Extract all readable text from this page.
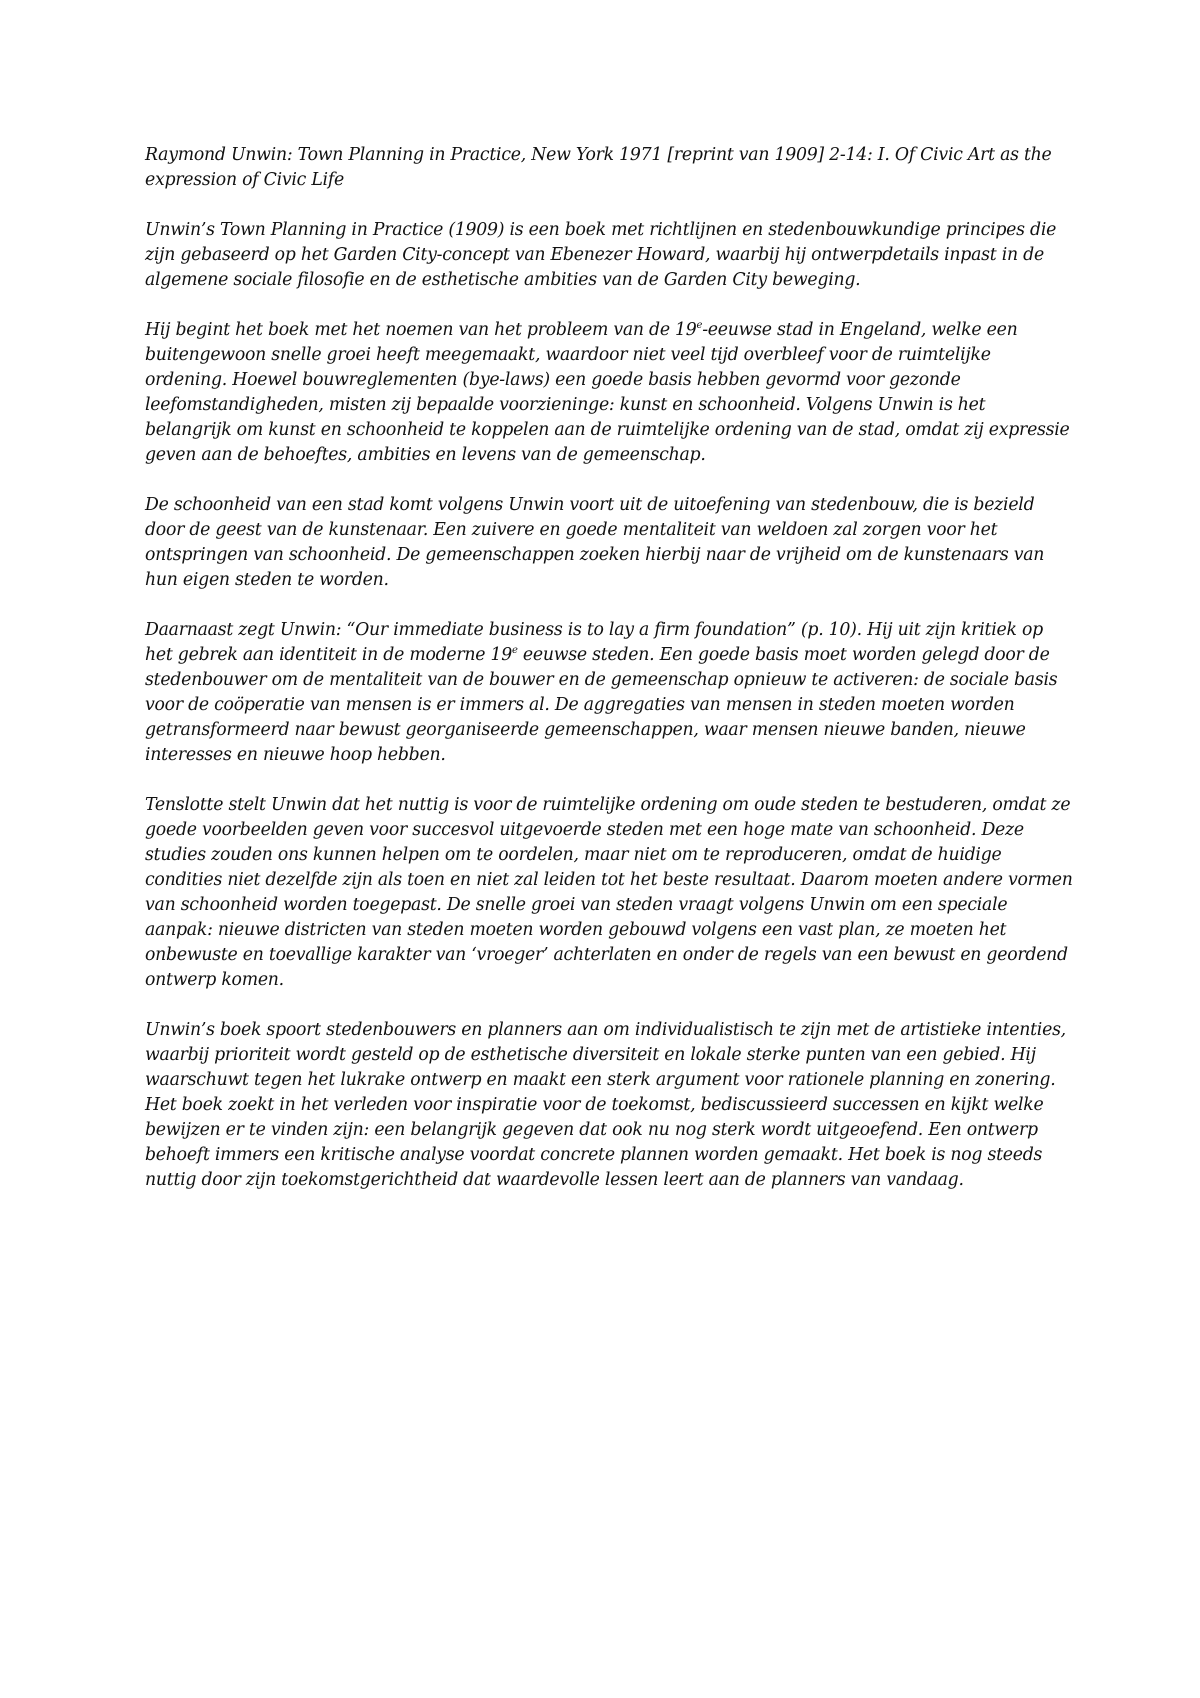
Raymond Unwin: Town Planning in Practice, New York 1971 [reprint van 1909] 2-14: I. Of Civic Art as the expression of Civic Life

Unwin’s Town Planning in Practice (1909) is een boek met richtlijnen en stedenbouwkundige principes die zijn gebaseerd op het Garden City-concept van Ebenezer Howard, waarbij hij ontwerpdetails inpast in de algemene sociale filosofie en de esthetische ambities van de Garden City beweging.

Hij begint het boek met het noemen van het probleem van de 19e-eeuwse stad in Engeland, welke een buitengewoon snelle groei heeft meegemaakt, waardoor niet veel tijd overbleef voor de ruimtelijke ordening. Hoewel bouwreglementen (bye-laws) een goede basis hebben gevormd voor gezonde leefomstandigheden, misten zij bepaalde voorzieninge: kunst en schoonheid. Volgens Unwin is het belangrijk om kunst en schoonheid te koppelen aan de ruimtelijke ordening van de stad, omdat zij expressie geven aan de behoeftes, ambities en levens van de gemeenschap.

De schoonheid van een stad komt volgens Unwin voort uit de uitoefening van stedenbouw, die is bezield door de geest van de kunstenaar. Een zuivere en goede mentaliteit van weldoen zal zorgen voor het ontspringen van schoonheid. De gemeenschappen zoeken hierbij naar de vrijheid om de kunstenaars van hun eigen steden te worden.

Daarnaast zegt Unwin: “Our immediate business is to lay a firm foundation” (p. 10). Hij uit zijn kritiek op het gebrek aan identiteit in de moderne 19e eeuwse steden. Een goede basis moet worden gelegd door de stedenbouwer om de mentaliteit van de bouwer en de gemeenschap opnieuw te activeren: de sociale basis voor de coöperatie van mensen is er immers al. De aggregaties van mensen in steden moeten worden getransformeerd naar bewust georganiseerde gemeenschappen, waar mensen nieuwe banden, nieuwe interesses en nieuwe hoop hebben.

Tenslotte stelt Unwin dat het nuttig is voor de ruimtelijke ordening om oude steden te bestuderen, omdat ze goede voorbeelden geven voor succesvol uitgevoerde steden met een hoge mate van schoonheid. Deze studies zouden ons kunnen helpen om te oordelen, maar niet om te reproduceren, omdat de huidige condities niet dezelfde zijn als toen en niet zal leiden tot het beste resultaat. Daarom moeten andere vormen van schoonheid worden toegepast. De snelle groei van steden vraagt volgens Unwin om een speciale aanpak: nieuwe districten van steden moeten worden gebouwd volgens een vast plan, ze moeten het onbewuste en toevallige karakter van ‘vroeger’ achterlaten en onder de regels van een bewust en geordend ontwerp komen.

Unwin’s boek spoort stedenbouwers en planners aan om individualistisch te zijn met de artistieke intenties, waarbij prioriteit wordt gesteld op de esthetische diversiteit en lokale sterke punten van een gebied. Hij waarschuwt tegen het lukrake ontwerp en maakt een sterk argument voor rationele planning en zonering. Het boek zoekt in het verleden voor inspiratie voor de toekomst, bediscussieerd successen en kijkt welke bewijzen er te vinden zijn: een belangrijk gegeven dat ook nu nog sterk wordt uitgeoefend. Een ontwerp behoeft immers een kritische analyse voordat concrete plannen worden gemaakt. Het boek is nog steeds nuttig door zijn toekomstgerichtheid dat waardevolle lessen leert aan de planners van vandaag.
